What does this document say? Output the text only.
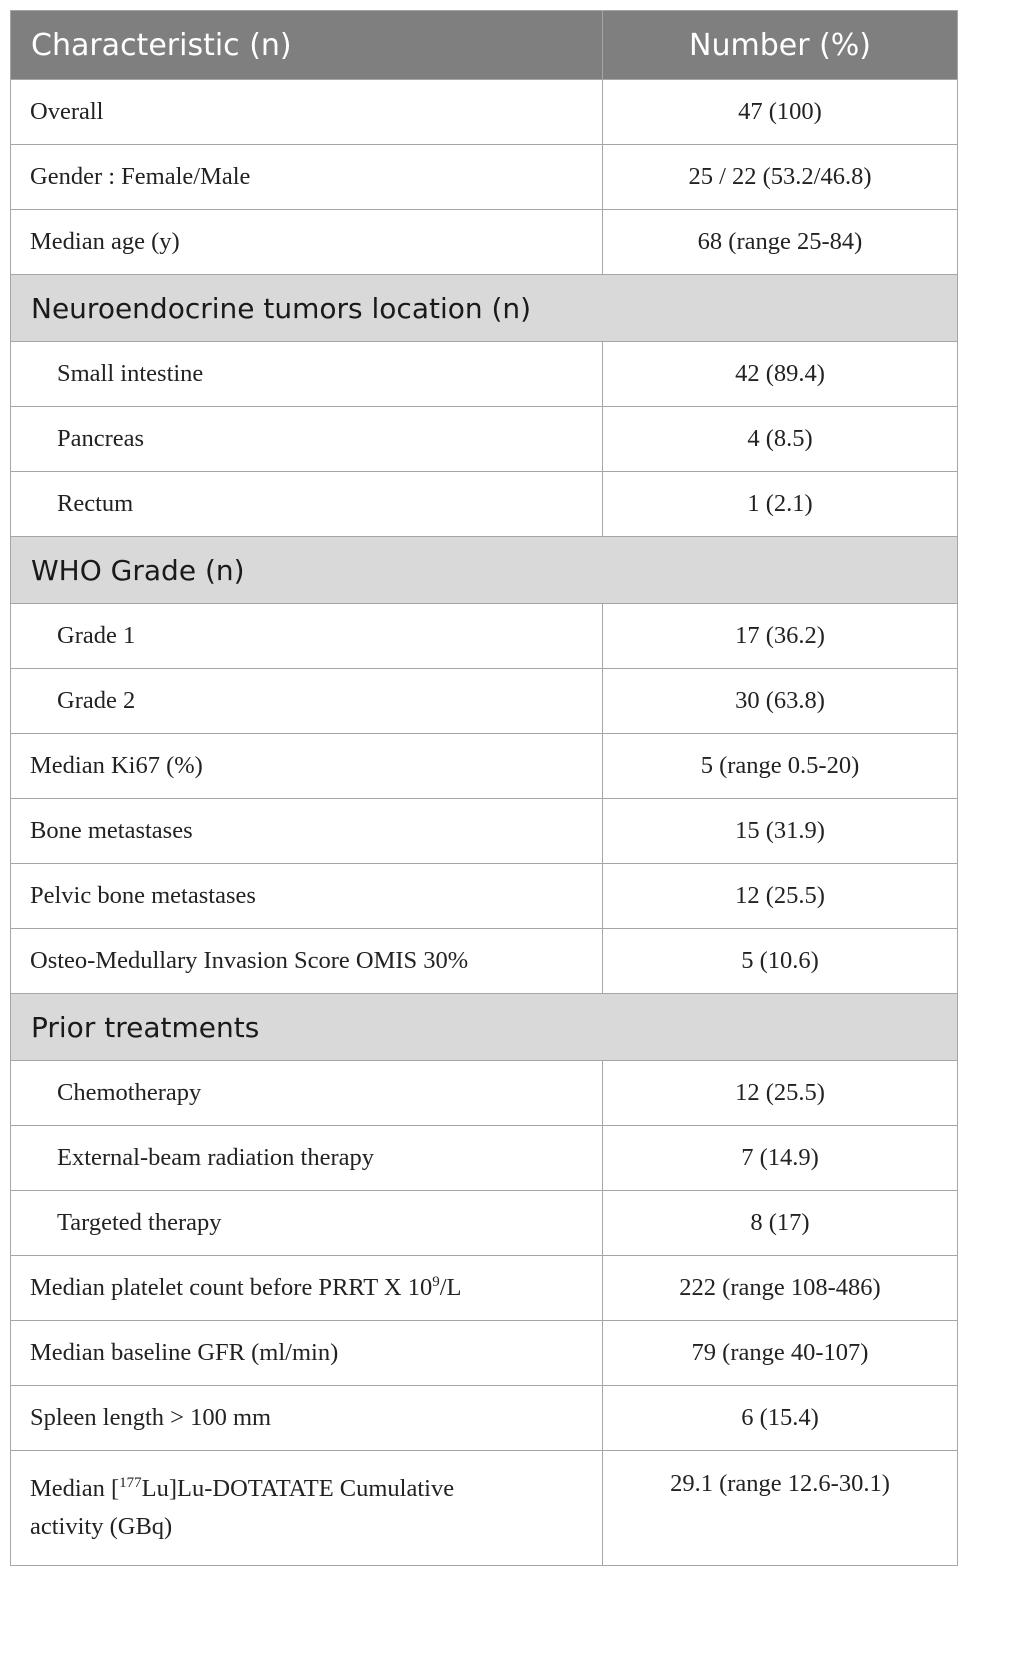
Characteristic (n)	Number (%)
Overall	47 (100)
Gender : Female/Male	25 / 22 (53.2/46.8)
Median age (y)	68 (range 25-84)
Neuroendocrine tumors location (n)	
Small intestine	42 (89.4)
Pancreas	4 (8.5)
Rectum	1 (2.1)
WHO Grade (n)	
Grade 1	17 (36.2)
Grade 2	30 (63.8)
Median Ki67 (%)	5 (range 0.5-20)
Bone metastases	15 (31.9)
Pelvic bone metastases	12 (25.5)
Osteo-Medullary Invasion Score OMIS 30%	5 (10.6)
Prior treatments	
Chemotherapy	12 (25.5)
External-beam radiation therapy	7 (14.9)
Targeted therapy	8 (17)
Median platelet count before PRRT X $10^9/L$	222 (range 108-486)
Median baseline GFR (ml/min)	79 (range 40-107)
Spleen length > 100 mm	6 (15.4)
Median [$^{177}$Lu]Lu-DOTATATE Cumulative
activity (GBq)	29.1 (range 12.6-30.1)
